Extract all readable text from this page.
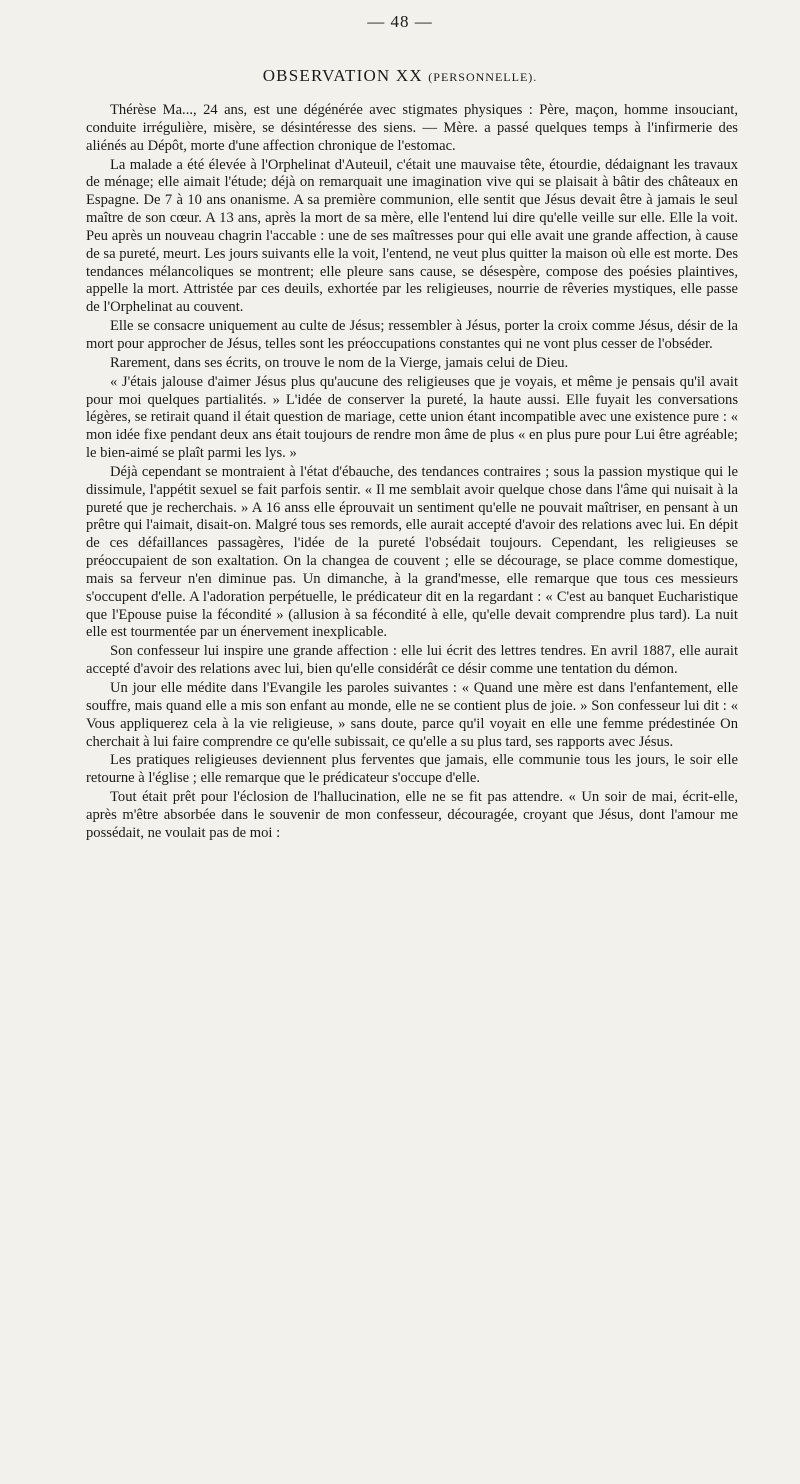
— 48 —
OBSERVATION XX (PERSONNELLE).

Thérèse Ma..., 24 ans, est une dégénérée avec stigmates physiques : Père, maçon, homme insouciant, conduite irrégulière, misère, se désintéresse des siens. — Mère. a passé quelques temps à l'infirmerie des aliénés au Dépôt, morte d'une affection chronique de l'estomac.

La malade a été élevée à l'Orphelinat d'Auteuil, c'était une mauvaise tête, étourdie, dédaignant les travaux de ménage; elle aimait l'étude; déjà on remarquait une imagination vive qui se plaisait à bâtir des châteaux en Espagne. De 7 à 10 ans onanisme. A sa première communion, elle sentit que Jésus devait être à jamais le seul maître de son cœur. A 13 ans, après la mort de sa mère, elle l'entend lui dire qu'elle veille sur elle. Elle la voit. Peu après un nouveau chagrin l'accable : une de ses maîtresses pour qui elle avait une grande affection, à cause de sa pureté, meurt. Les jours suivants elle la voit, l'entend, ne veut plus quitter la maison où elle est morte. Des tendances mélancoliques se montrent; elle pleure sans cause, se désespère, compose des poésies plaintives, appelle la mort. Attristée par ces deuils, exhortée par les religieuses, nourrie de rêveries mystiques, elle passe de l'Orphelinat au couvent.

Elle se consacre uniquement au culte de Jésus; ressembler à Jésus, porter la croix comme Jésus, désir de la mort pour approcher de Jésus, telles sont les préoccupations constantes qui ne vont plus cesser de l'obséder.

Rarement, dans ses écrits, on trouve le nom de la Vierge, jamais celui de Dieu.

« J'étais jalouse d'aimer Jésus plus qu'aucune des religieuses que je voyais, et même je pensais qu'il avait pour moi quelques partialités. » L'idée de conserver la pureté, la haute aussi. Elle fuyait les conversations légères, se retirait quand il était question de mariage, cette union étant incompatible avec une existence pure : « mon idée fixe pendant deux ans était toujours de rendre mon âme de plus « en plus pure pour Lui être agréable; le bien-aimé se plaît parmi les lys. »

Déjà cependant se montraient à l'état d'ébauche, des tendances contraires ; sous la passion mystique qui le dissimule, l'appétit sexuel se fait parfois sentir. « Il me semblait avoir quelque chose dans l'âme qui nuisait à la pureté que je recherchais. » A 16 anss elle éprouvait un sentiment qu'elle ne pouvait maîtriser, en pensant à un prêtre qui l'aimait, disait-on. Malgré tous ses remords, elle aurait accepté d'avoir des relations avec lui. En dépit de ces défaillances passagères, l'idée de la pureté l'obsédait toujours. Cependant, les religieuses se préoccupaient de son exaltation. On la changea de couvent ; elle se décourage, se place comme domestique, mais sa ferveur n'en diminue pas. Un dimanche, à la grand'messe, elle remarque que tous ces messieurs s'occupent d'elle. A l'adoration perpétuelle, le prédicateur dit en la regardant : « C'est au banquet Eucharistique que l'Epouse puise la fécondité » (allusion à sa fécondité à elle, qu'elle devait comprendre plus tard). La nuit elle est tourmentée par un énervement inexplicable.

Son confesseur lui inspire une grande affection : elle lui écrit des lettres tendres. En avril 1887, elle aurait accepté d'avoir des relations avec lui, bien qu'elle considérât ce désir comme une tentation du démon.

Un jour elle médite dans l'Evangile les paroles suivantes : « Quand une mère est dans l'enfantement, elle souffre, mais quand elle a mis son enfant au monde, elle ne se contient plus de joie. » Son confesseur lui dit : « Vous appliquerez cela à la vie religieuse, » sans doute, parce qu'il voyait en elle une femme prédestinée On cherchait à lui faire comprendre ce qu'elle subissait, ce qu'elle a su plus tard, ses rapports avec Jésus.

Les pratiques religieuses deviennent plus ferventes que jamais, elle communie tous les jours, le soir elle retourne à l'église ; elle remarque que le prédicateur s'occupe d'elle.

Tout était prêt pour l'éclosion de l'hallucination, elle ne se fit pas attendre. « Un soir de mai, écrit-elle, après m'être absorbée dans le souvenir de mon confesseur, découragée, croyant que Jésus, dont l'amour me possédait, ne voulait pas de moi :
